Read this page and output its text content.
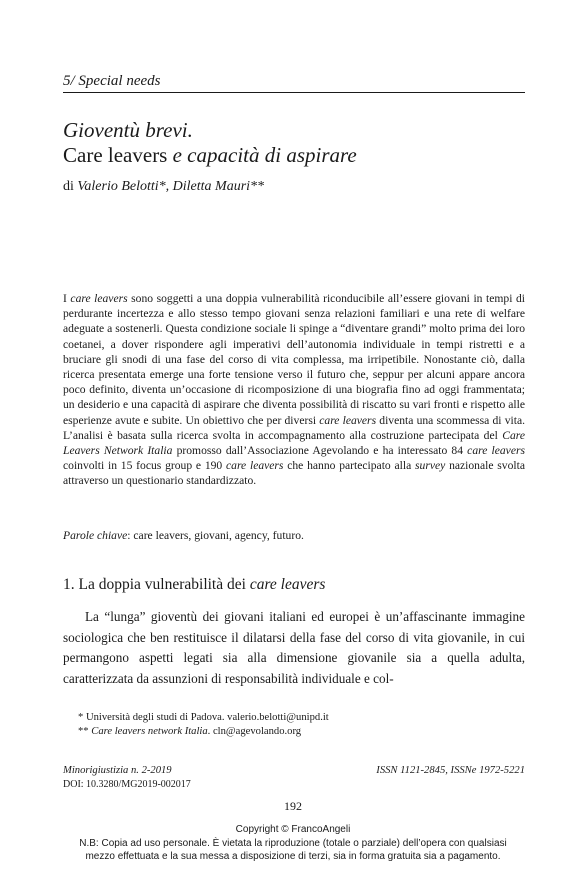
5/ Special needs
Gioventù brevi.
Care leavers e capacità di aspirare
di Valerio Belotti*, Diletta Mauri**

I care leavers sono soggetti a una doppia vulnerabilità riconducibile all’essere giovani in tempi di perdurante incertezza e allo stesso tempo giovani senza relazioni familiari e una rete di welfare adeguate a sostenerli. Questa condizione sociale li spinge a “diventare grandi” molto prima dei loro coetanei, a dover rispondere agli imperativi dell’autonomia individuale in tempi ristretti e a bruciare gli snodi di una fase del corso di vita complessa, ma irripetibile. Nonostante ciò, dalla ricerca presentata emerge una forte tensione verso il futuro che, seppur per alcuni appare ancora poco definito, diventa un’occasione di ricomposizione di una biografia fino ad oggi frammentata; un desiderio e una capacità di aspirare che diventa possibilità di riscatto su vari fronti e rispetto alle esperienze avute e subite. Un obiettivo che per diversi care leavers diventa una scommessa di vita. L’analisi è basata sulla ricerca svolta in accompagnamento alla costruzione partecipata del Care Leavers Network Italia promosso dall’Associazione Agevolando e ha interessato 84 care leavers coinvolti in 15 focus group e 190 care leavers che hanno partecipato alla survey nazionale svolta attraverso un questionario standardizzato.

Parole chiave: care leavers, giovani, agency, futuro.
1. La doppia vulnerabilità dei care leavers

La “lunga” gioventù dei giovani italiani ed europei è un’affascinante immagine sociologica che ben restituisce il dilatarsi della fase del corso di vita giovanile, in cui permangono aspetti legati sia alla dimensione giovanile sia a quella adulta, caratterizzata da assunzioni di responsabilità individuale e col-

* Università degli studi di Padova. valerio.belotti@unipd.it
** Care leavers network Italia. cln@agevolando.org
Minorigiustizia n. 2-2019	ISSN 1121-2845, ISSNe 1972-5221
DOI: 10.3280/MG2019-002017
192
Copyright © FrancoAngeli
N.B: Copia ad uso personale. È vietata la riproduzione (totale o parziale) dell’opera con qualsiasi
mezzo effettuata e la sua messa a disposizione di terzi, sia in forma gratuita sia a pagamento.
